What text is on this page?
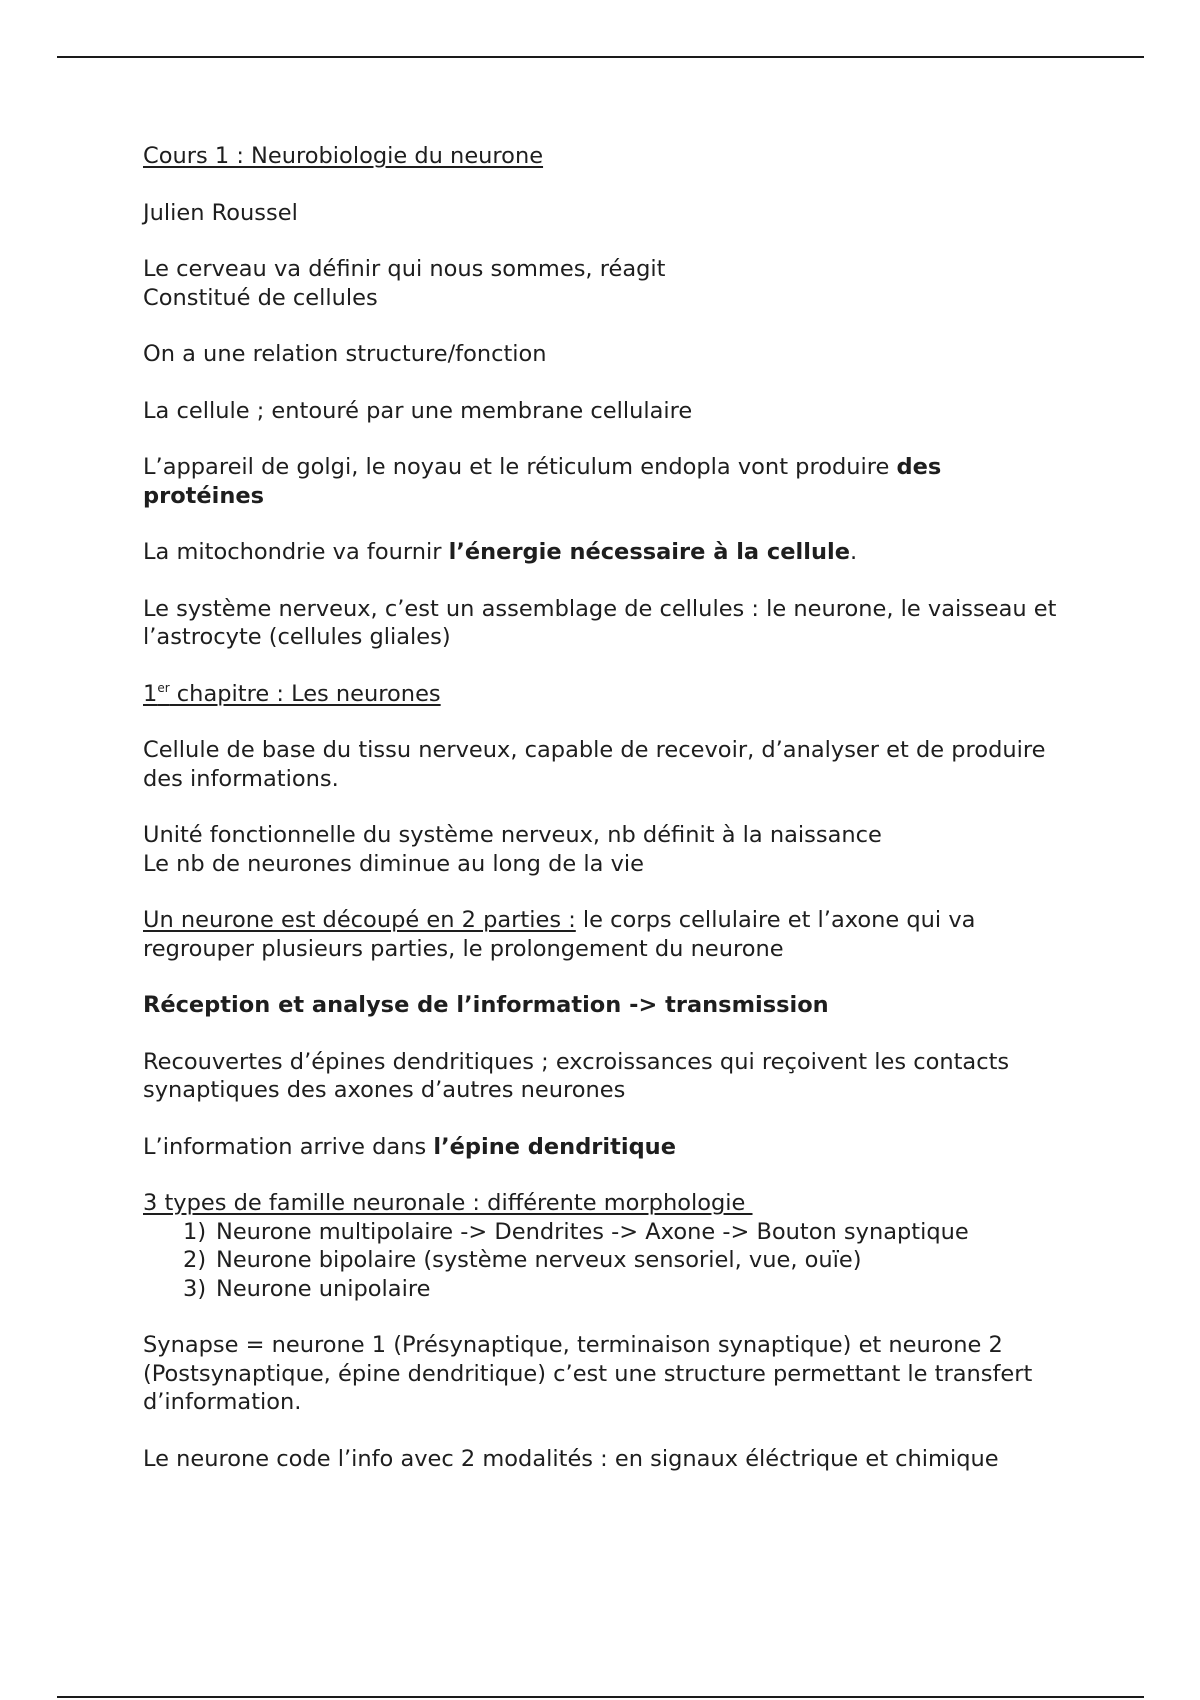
Cours 1 : Neurobiologie du neurone

Julien Roussel

Le cerveau va définir qui nous sommes, réagit
Constitué de cellules

On a une relation structure/fonction

La cellule ; entouré par une membrane cellulaire

L’appareil de golgi, le noyau et le réticulum endopla vont produire des protéines

La mitochondrie va fournir l’énergie nécessaire à la cellule.

Le système nerveux, c’est un assemblage de cellules : le neurone, le vaisseau et l’astrocyte (cellules gliales)

1er chapitre : Les neurones

Cellule de base du tissu nerveux, capable de recevoir, d’analyser et de produire des informations.

Unité fonctionnelle du système nerveux, nb définit à la naissance
Le nb de neurones diminue au long de la vie

Un neurone est découpé en 2 parties : le corps cellulaire et l’axone qui va regrouper plusieurs parties, le prolongement du neurone

Réception et analyse de l’information -> transmission

Recouvertes d’épines dendritiques ; excroissances qui reçoivent les contacts synaptiques des axones d’autres neurones

L’information arrive dans l’épine dendritique

3 types de famille neuronale : différente morphologie
1) Neurone multipolaire -> Dendrites -> Axone -> Bouton synaptique
2) Neurone bipolaire (système nerveux sensoriel, vue, ouïe)
3) Neurone unipolaire

Synapse = neurone 1 (Présynaptique, terminaison synaptique) et neurone 2 (Postsynaptique, épine dendritique) c’est une structure permettant le transfert d’information.

Le neurone code l’info avec 2 modalités : en signaux éléctrique et chimique
